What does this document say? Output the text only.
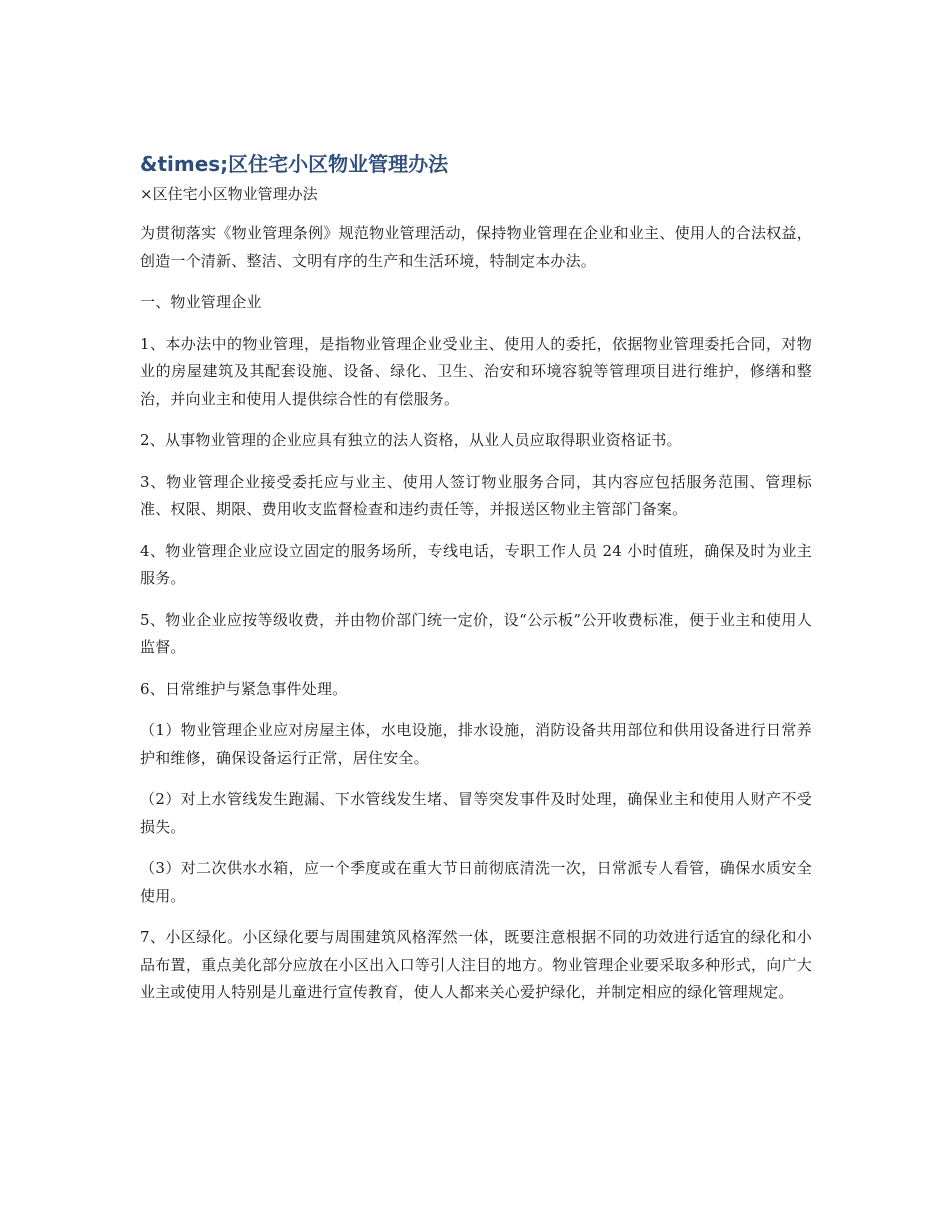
&times;区住宅小区物业管理办法
×区住宅小区物业管理办法

为贯彻落实《物业管理条例》规范物业管理活动，保持物业管理在企业和业主、使用人的合法权益，创造一个清新、整洁、文明有序的生产和生活环境，特制定本办法。

一、物业管理企业

1、本办法中的物业管理，是指物业管理企业受业主、使用人的委托，依据物业管理委托合同，对物业的房屋建筑及其配套设施、设备、绿化、卫生、治安和环境容貌等管理项目进行维护，修缮和整治，并向业主和使用人提供综合性的有偿服务。

2、从事物业管理的企业应具有独立的法人资格，从业人员应取得职业资格证书。

3、物业管理企业接受委托应与业主、使用人签订物业服务合同，其内容应包括服务范围、管理标准、权限、期限、费用收支监督检查和违约责任等，并报送区物业主管部门备案。

4、物业管理企业应设立固定的服务场所，专线电话，专职工作人员 24 小时值班，确保及时为业主服务。

5、物业企业应按等级收费，并由物价部门统一定价，设“公示板”公开收费标准，便于业主和使用人监督。

6、日常维护与紧急事件处理。

（1）物业管理企业应对房屋主体，水电设施，排水设施，消防设备共用部位和供用设备进行日常养护和维修，确保设备运行正常，居住安全。

（2）对上水管线发生跑漏、下水管线发生堵、冒等突发事件及时处理，确保业主和使用人财产不受损失。

（3）对二次供水水箱，应一个季度或在重大节日前彻底清洗一次，日常派专人看管，确保水质安全使用。

7、小区绿化。小区绿化要与周围建筑风格浑然一体，既要注意根据不同的功效进行适宜的绿化和小品布置，重点美化部分应放在小区出入口等引人注目的地方。物业管理企业要采取多种形式，向广大业主或使用人特别是儿童进行宣传教育，使人人都来关心爱护绿化，并制定相应的绿化管理规定。
